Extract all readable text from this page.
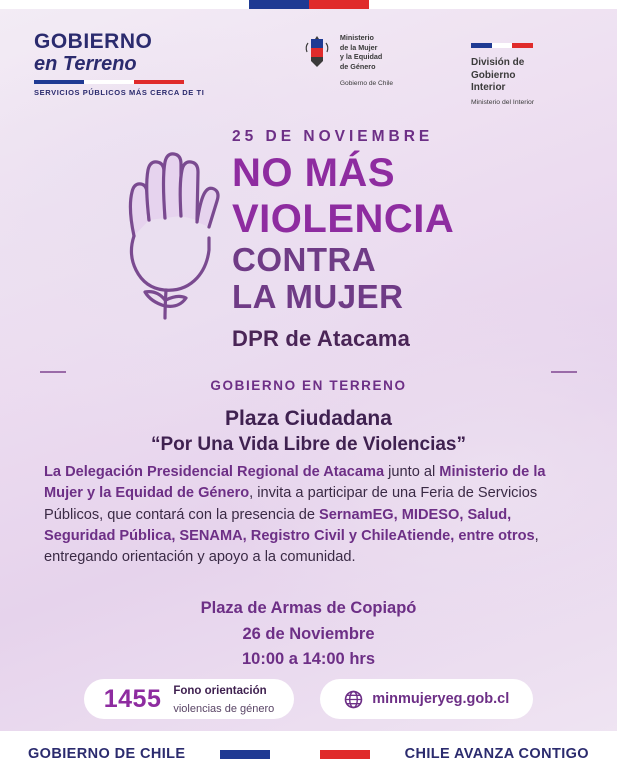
GOBIERNO
en Terreno
SERVICIOS PÚBLICOS MÁS CERCA DE TI
Ministerio
de la Mujer
y la Equidad
de Género
Gobierno de Chile
División de
Gobierno
Interior
Ministerio del Interior
25 DE NOVIEMBRE
NO MÁS
VIOLENCIA
CONTRA
LA MUJER
DPR de Atacama
GOBIERNO EN TERRENO
Plaza Ciudadana
“Por Una Vida Libre de Violencias”
La Delegación Presidencial Regional de Atacama junto al Ministerio de la Mujer y la Equidad de Género, invita a participar de una Feria de Servicios Públicos, que contará con la presencia de SernamEG, MIDESO, Salud, Seguridad Pública, SENAMA, Registro Civil y ChileAtiende, entre otros, entregando orientación y apoyo a la comunidad.
Plaza de Armas de Copiapó
26 de Noviembre
10:00 a 14:00 hrs
1455 Fono orientación
violencias de género
minmujeryeg.gob.cl
GOBIERNO DE CHILE	CHILE AVANZA CONTIGO
